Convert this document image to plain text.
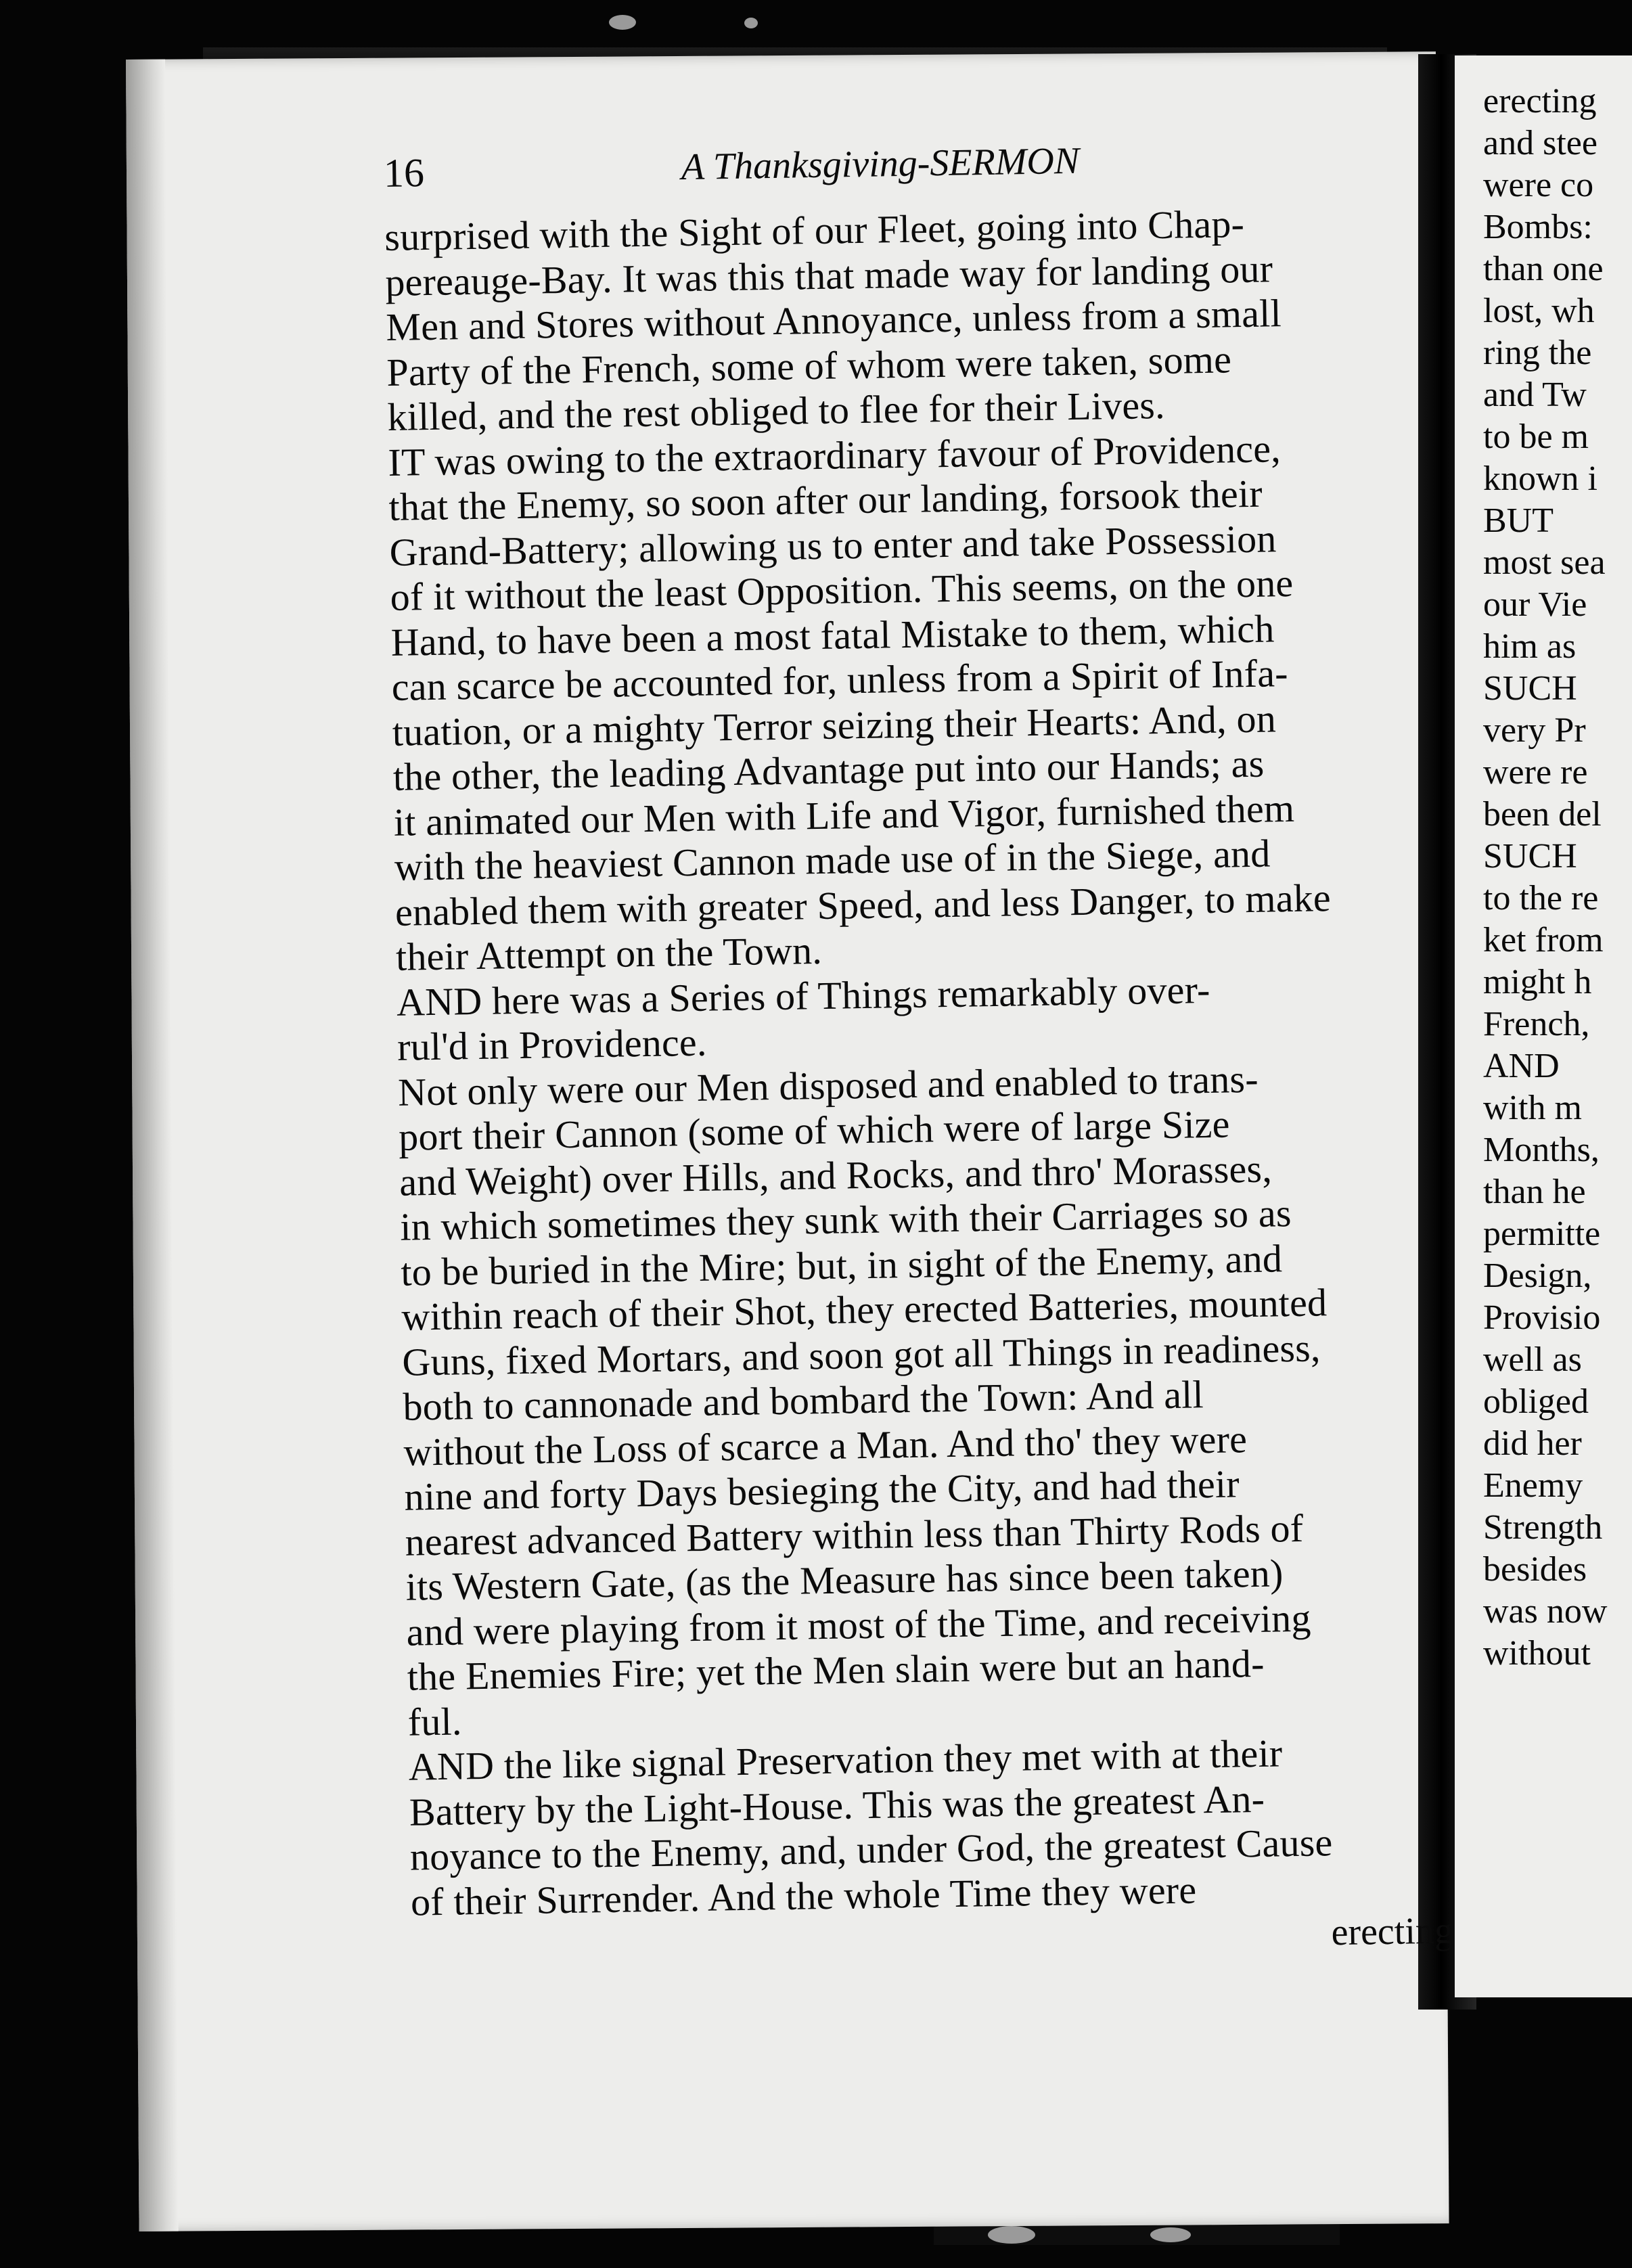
erecting
and stee
were co
Bombs:
than one
lost, wh
ring the
and Tw
to be m
known i
BUT
most sea
our Vie
him as
SUCH
very Pr
were re
been del
SUCH
to the re
ket from
might h
French,
AND
with m
Months,
than he
permitte
Design,
Provisio
well as
obliged
did her
Enemy
Strength
besides
was now
without
16	A Thanksgiving-SERMON
surprised with the Sight of our Fleet, going into Chap-
pereauge-Bay. It was this that made way for landing our
Men and Stores without Annoyance, unless from a small
Party of the French, some of whom were taken, some
killed, and the rest obliged to flee for their Lives.
IT was owing to the extraordinary favour of Providence,
that the Enemy, so soon after our landing, forsook their
Grand-Battery; allowing us to enter and take Possession
of it without the least Opposition. This seems, on the one
Hand, to have been a most fatal Mistake to them, which
can scarce be accounted for, unless from a Spirit of Infa-
tuation, or a mighty Terror seizing their Hearts: And, on
the other, the leading Advantage put into our Hands; as
it animated our Men with Life and Vigor, furnished them
with the heaviest Cannon made use of in the Siege, and
enabled them with greater Speed, and less Danger, to make
their Attempt on the Town.
AND here was a Series of Things remarkably over-
rul'd in Providence.
Not only were our Men disposed and enabled to trans-
port their Cannon (some of which were of large Size
and Weight) over Hills, and Rocks, and thro' Morasses,
in which sometimes they sunk with their Carriages so as
to be buried in the Mire; but, in sight of the Enemy, and
within reach of their Shot, they erected Batteries, mounted
Guns, fixed Mortars, and soon got all Things in readiness,
both to cannonade and bombard the Town: And all
without the Loss of scarce a Man. And tho' they were
nine and forty Days besieging the City, and had their
nearest advanced Battery within less than Thirty Rods of
its Western Gate, (as the Measure has since been taken)
and were playing from it most of the Time, and receiving
the Enemies Fire; yet the Men slain were but an hand-
ful.
AND the like signal Preservation they met with at their
Battery by the Light-House. This was the greatest An-
noyance to the Enemy, and, under God, the greatest Cause
of their Surrender. And the whole Time they were
erecting
